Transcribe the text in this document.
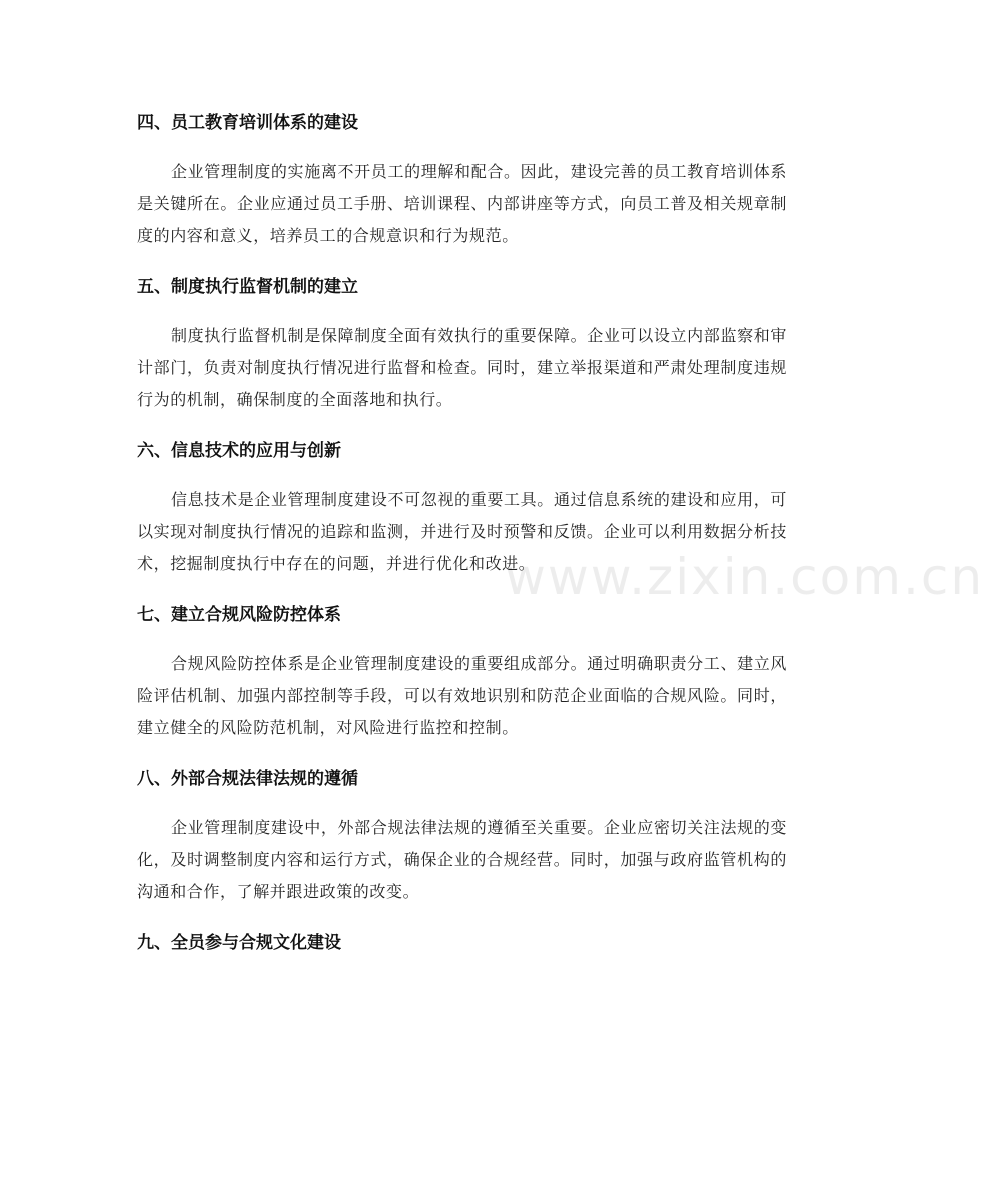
四、员工教育培训体系的建设

企业管理制度的实施离不开员工的理解和配合。因此，建设完善的员工教育培训体系是关键所在。企业应通过员工手册、培训课程、内部讲座等方式，向员工普及相关规章制度的内容和意义，培养员工的合规意识和行为规范。

五、制度执行监督机制的建立

制度执行监督机制是保障制度全面有效执行的重要保障。企业可以设立内部监察和审计部门，负责对制度执行情况进行监督和检查。同时，建立举报渠道和严肃处理制度违规行为的机制，确保制度的全面落地和执行。

六、信息技术的应用与创新

信息技术是企业管理制度建设不可忽视的重要工具。通过信息系统的建设和应用，可以实现对制度执行情况的追踪和监测，并进行及时预警和反馈。企业可以利用数据分析技术，挖掘制度执行中存在的问题，并进行优化和改进。

七、建立合规风险防控体系

合规风险防控体系是企业管理制度建设的重要组成部分。通过明确职责分工、建立风险评估机制、加强内部控制等手段，可以有效地识别和防范企业面临的合规风险。同时，建立健全的风险防范机制，对风险进行监控和控制。

八、外部合规法律法规的遵循

企业管理制度建设中，外部合规法律法规的遵循至关重要。企业应密切关注法规的变化，及时调整制度内容和运行方式，确保企业的合规经营。同时，加强与政府监管机构的沟通和合作，了解并跟进政策的改变。

九、全员参与合规文化建设
www.zixin.com.cn
